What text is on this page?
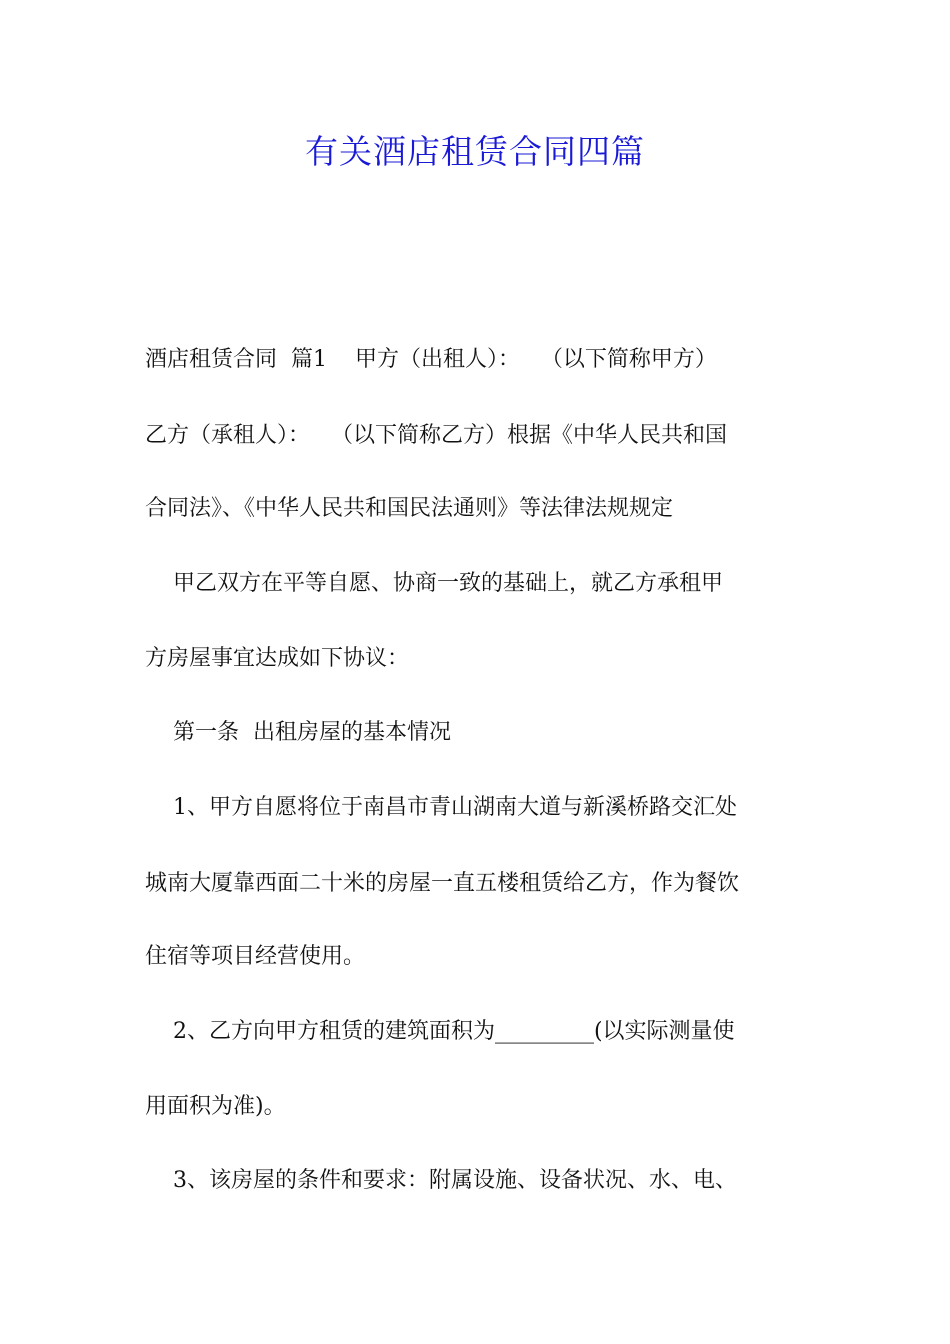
有关酒店租赁合同四篇
酒店租赁合同  篇1    甲方（出租人）：   （以下简称甲方）
乙方（承租人）：   （以下简称乙方）根据《中华人民共和国
合同法》、《中华人民共和国民法通则》等法律法规规定
甲乙双方在平等自愿、协商一致的基础上，就乙方承租甲
方房屋事宜达成如下协议：
第一条  出租房屋的基本情况
1、甲方自愿将位于南昌市青山湖南大道与新溪桥路交汇处
城南大厦靠西面二十米的房屋一直五楼租赁给乙方，作为餐饮
住宿等项目经营使用。
2、乙方向甲方租赁的建筑面积为_________(以实际测量使
用面积为准)。
3、该房屋的条件和要求：附属设施、设备状况、水、电、
